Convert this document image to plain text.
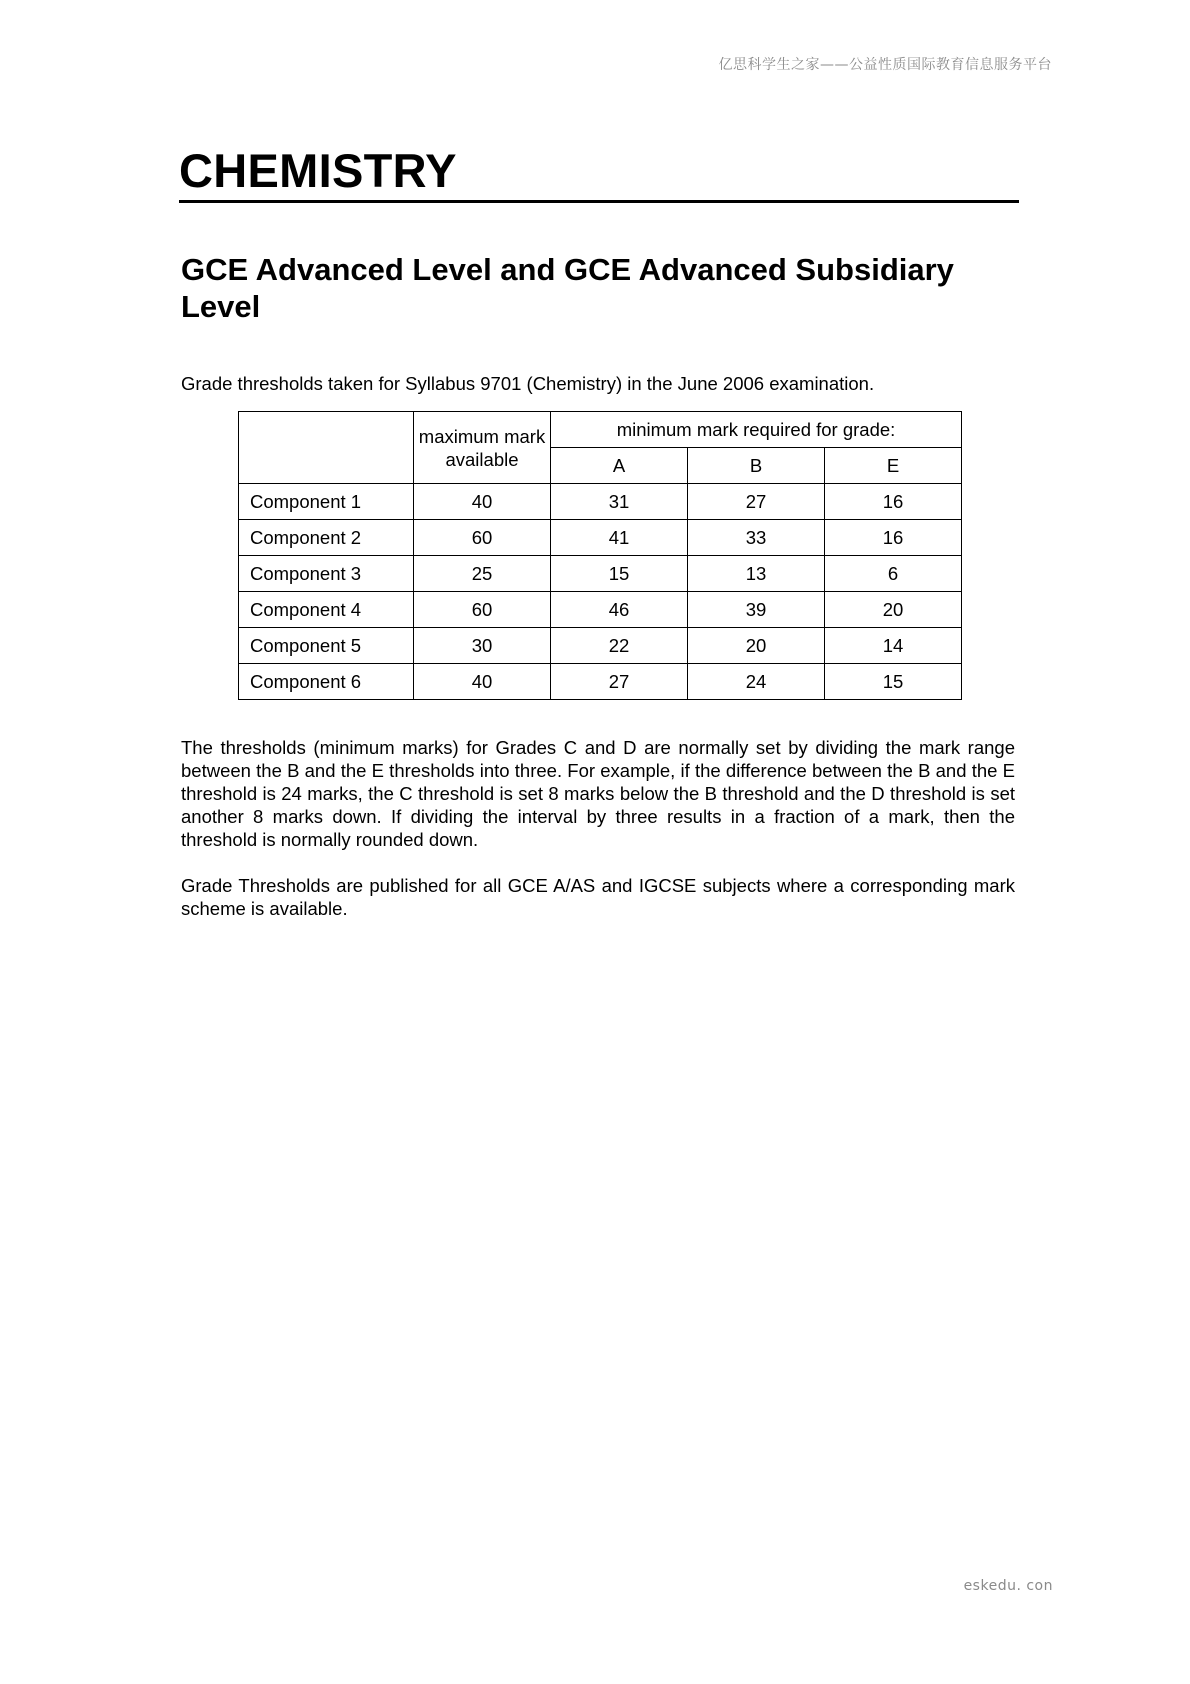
亿思科学生之家——公益性质国际教育信息服务平台
CHEMISTRY
GCE Advanced Level and GCE Advanced Subsidiary Level

Grade thresholds taken for Syllabus 9701 (Chemistry) in the June 2006 examination.

	maximum mark available	minimum mark required for grade:		
		A	B	E
Component 1	40	31	27	16
Component 2	60	41	33	16
Component 3	25	15	13	6
Component 4	60	46	39	20
Component 5	30	22	20	14
Component 6	40	27	24	15

The thresholds (minimum marks) for Grades C and D are normally set by dividing the mark range between the B and the E thresholds into three. For example, if the difference between the B and the E threshold is 24 marks, the C threshold is set 8 marks below the B threshold and the D threshold is set another 8 marks down. If dividing the interval by three results in a fraction of a mark, then the threshold is normally rounded down.

Grade Thresholds are published for all GCE A/AS and IGCSE subjects where a corresponding mark scheme is available.

eskedu. con
